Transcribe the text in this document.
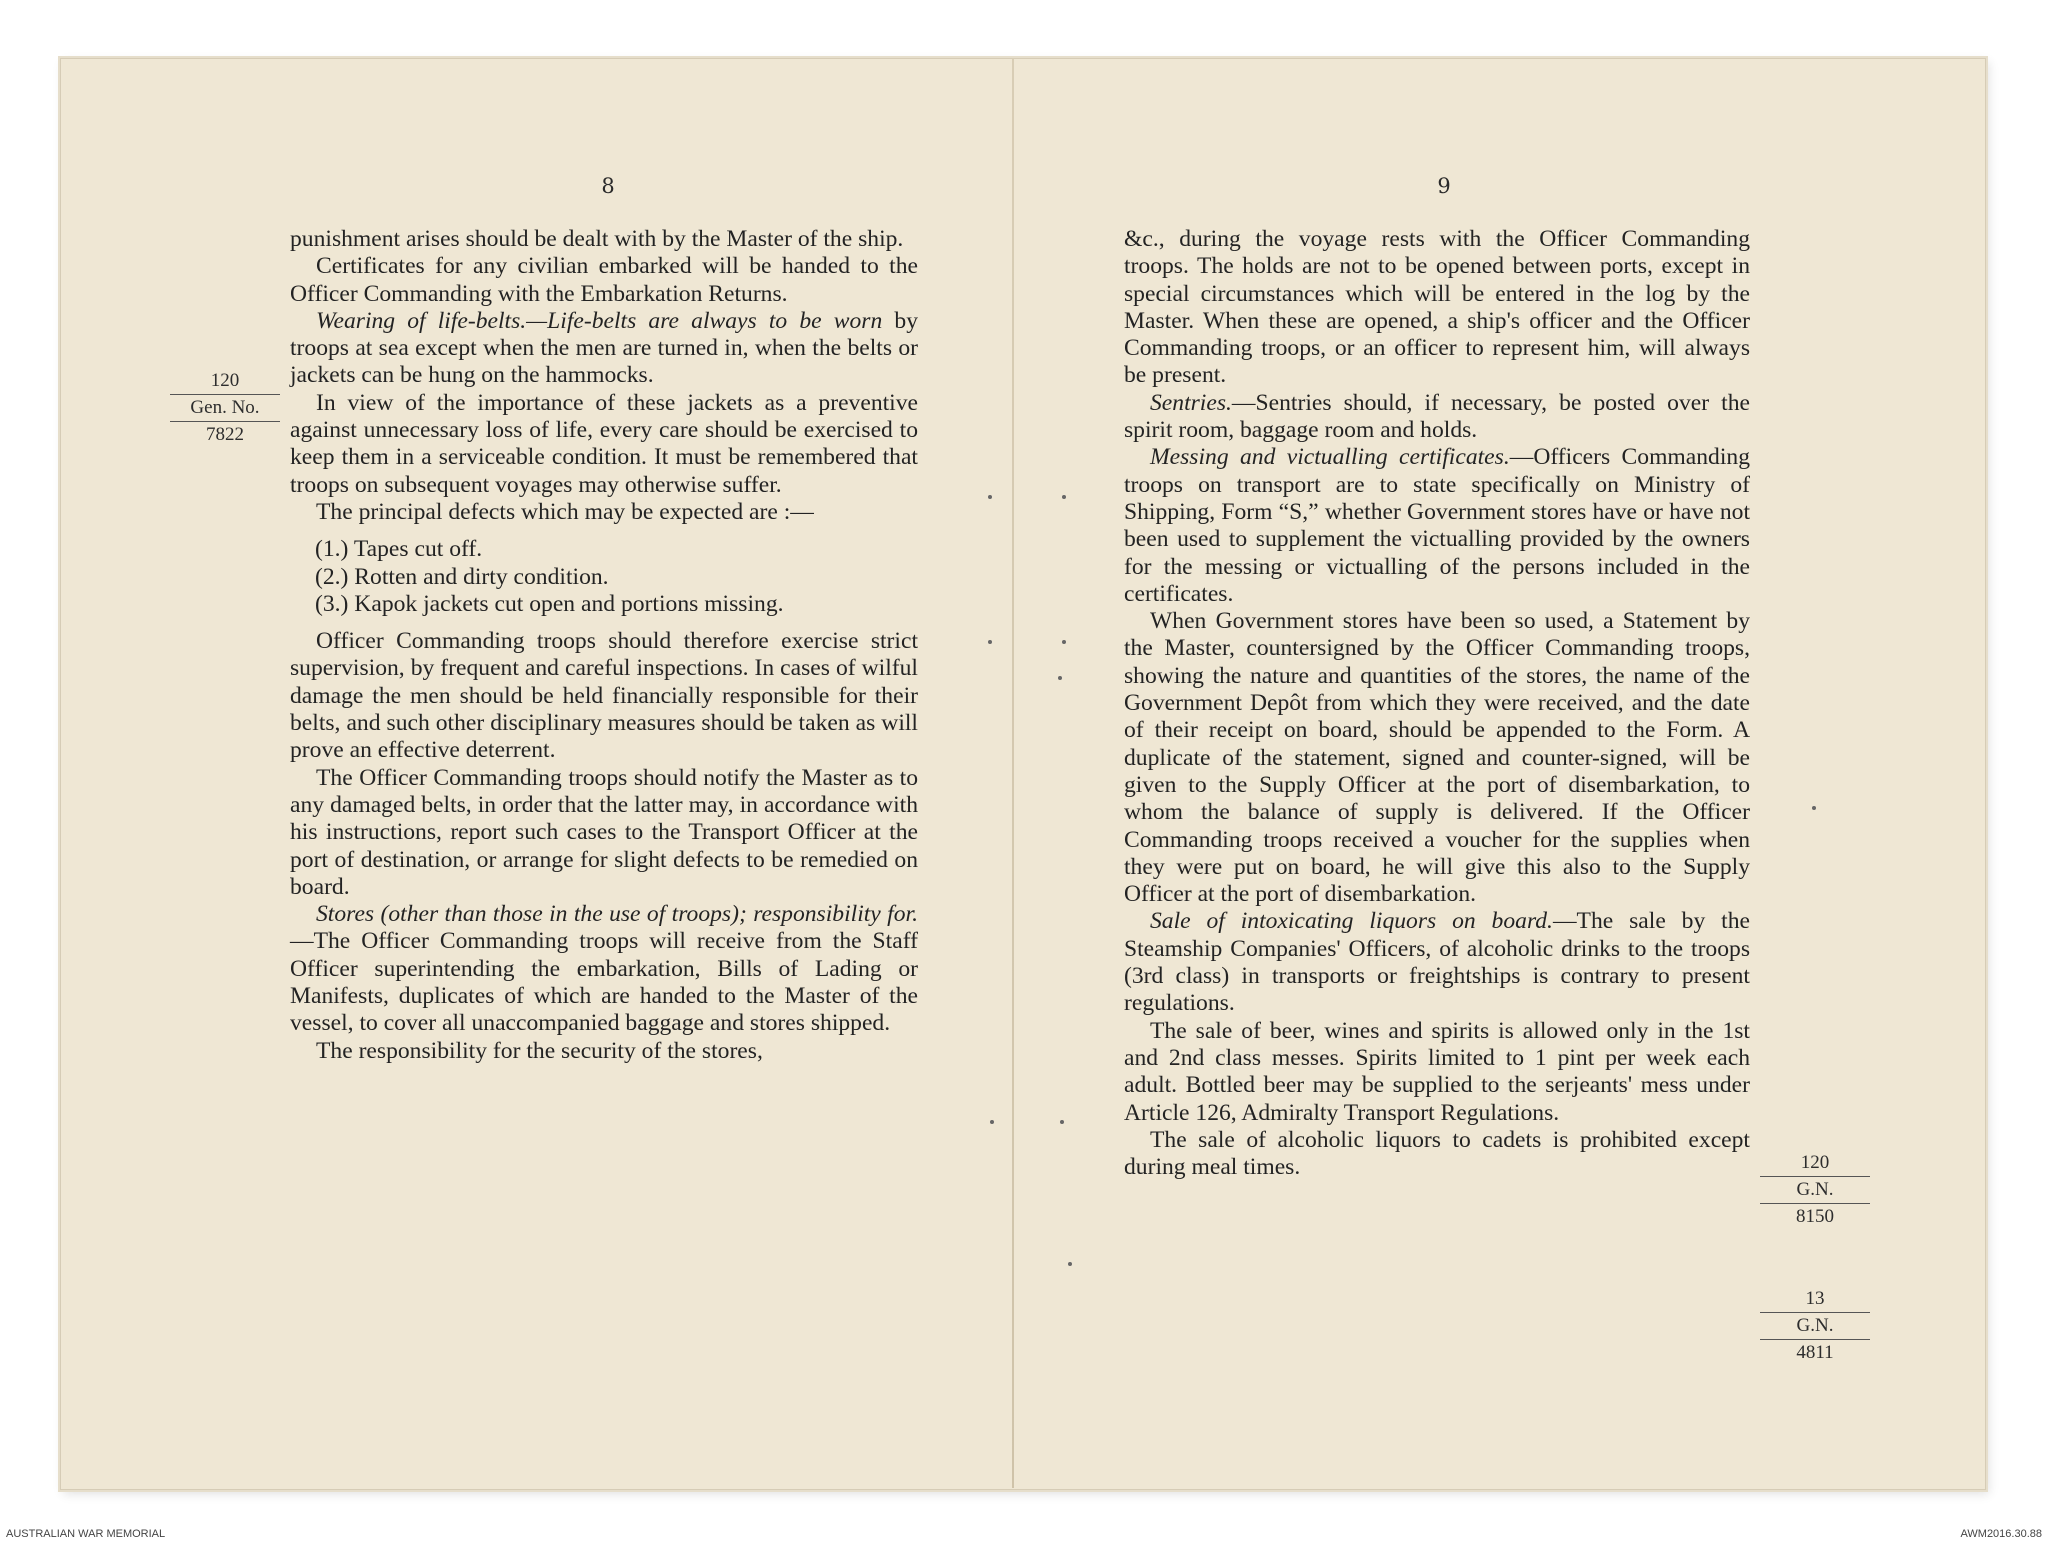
8
120
Gen. No.
7822

punishment arises should be dealt with by the Master of the ship.

Certificates for any civilian embarked will be handed to the Officer Commanding with the Embarkation Returns.

Wearing of life-belts.—Life-belts are always to be worn by troops at sea except when the men are turned in, when the belts or jackets can be hung on the hammocks.

In view of the importance of these jackets as a preventive against unnecessary loss of life, every care should be exercised to keep them in a serviceable condition. It must be remembered that troops on subsequent voyages may otherwise suffer.

The principal defects which may be expected are :—

(1.) Tapes cut off.

(2.) Rotten and dirty condition.

(3.) Kapok jackets cut open and portions missing.

Officer Commanding troops should therefore exercise strict supervision, by frequent and careful inspections. In cases of wilful damage the men should be held financially responsible for their belts, and such other disciplinary measures should be taken as will prove an effective deterrent.

The Officer Commanding troops should notify the Master as to any damaged belts, in order that the latter may, in accordance with his instructions, report such cases to the Transport Officer at the port of destination, or arrange for slight defects to be remedied on board.

Stores (other than those in the use of troops); responsibility for.—The Officer Commanding troops will receive from the Staff Officer superintending the embarkation, Bills of Lading or Manifests, duplicates of which are handed to the Master of the vessel, to cover all unaccompanied baggage and stores shipped.

The responsibility for the security of the stores,

9

&c., during the voyage rests with the Officer Commanding troops. The holds are not to be opened between ports, except in special circumstances which will be entered in the log by the Master. When these are opened, a ship's officer and the Officer Commanding troops, or an officer to represent him, will always be present.

Sentries.—Sentries should, if necessary, be posted over the spirit room, baggage room and holds.

Messing and victualling certificates.—Officers Commanding troops on transport are to state specifically on Ministry of Shipping, Form “S,” whether Government stores have or have not been used to supplement the victualling provided by the owners for the messing or victualling of the persons included in the certificates.

When Government stores have been so used, a Statement by the Master, countersigned by the Officer Commanding troops, showing the nature and quantities of the stores, the name of the Government Depôt from which they were received, and the date of their receipt on board, should be appended to the Form. A duplicate of the statement, signed and counter-signed, will be given to the Supply Officer at the port of disembarkation, to whom the balance of supply is delivered. If the Officer Commanding troops received a voucher for the supplies when they were put on board, he will give this also to the Supply Officer at the port of disembarkation.

Sale of intoxicating liquors on board.—The sale by the Steamship Companies' Officers, of alcoholic drinks to the troops (3rd class) in transports or freightships is contrary to present regulations.

The sale of beer, wines and spirits is allowed only in the 1st and 2nd class messes. Spirits limited to 1 pint per week each adult. Bottled beer may be supplied to the serjeants' mess under Article 126, Admiralty Transport Regulations.

The sale of alcoholic liquors to cadets is prohibited except during meal times.	120
G.N.
8150
13
G.N.
4811
AUSTRALIAN WAR MEMORIAL	AWM2016.30.88
